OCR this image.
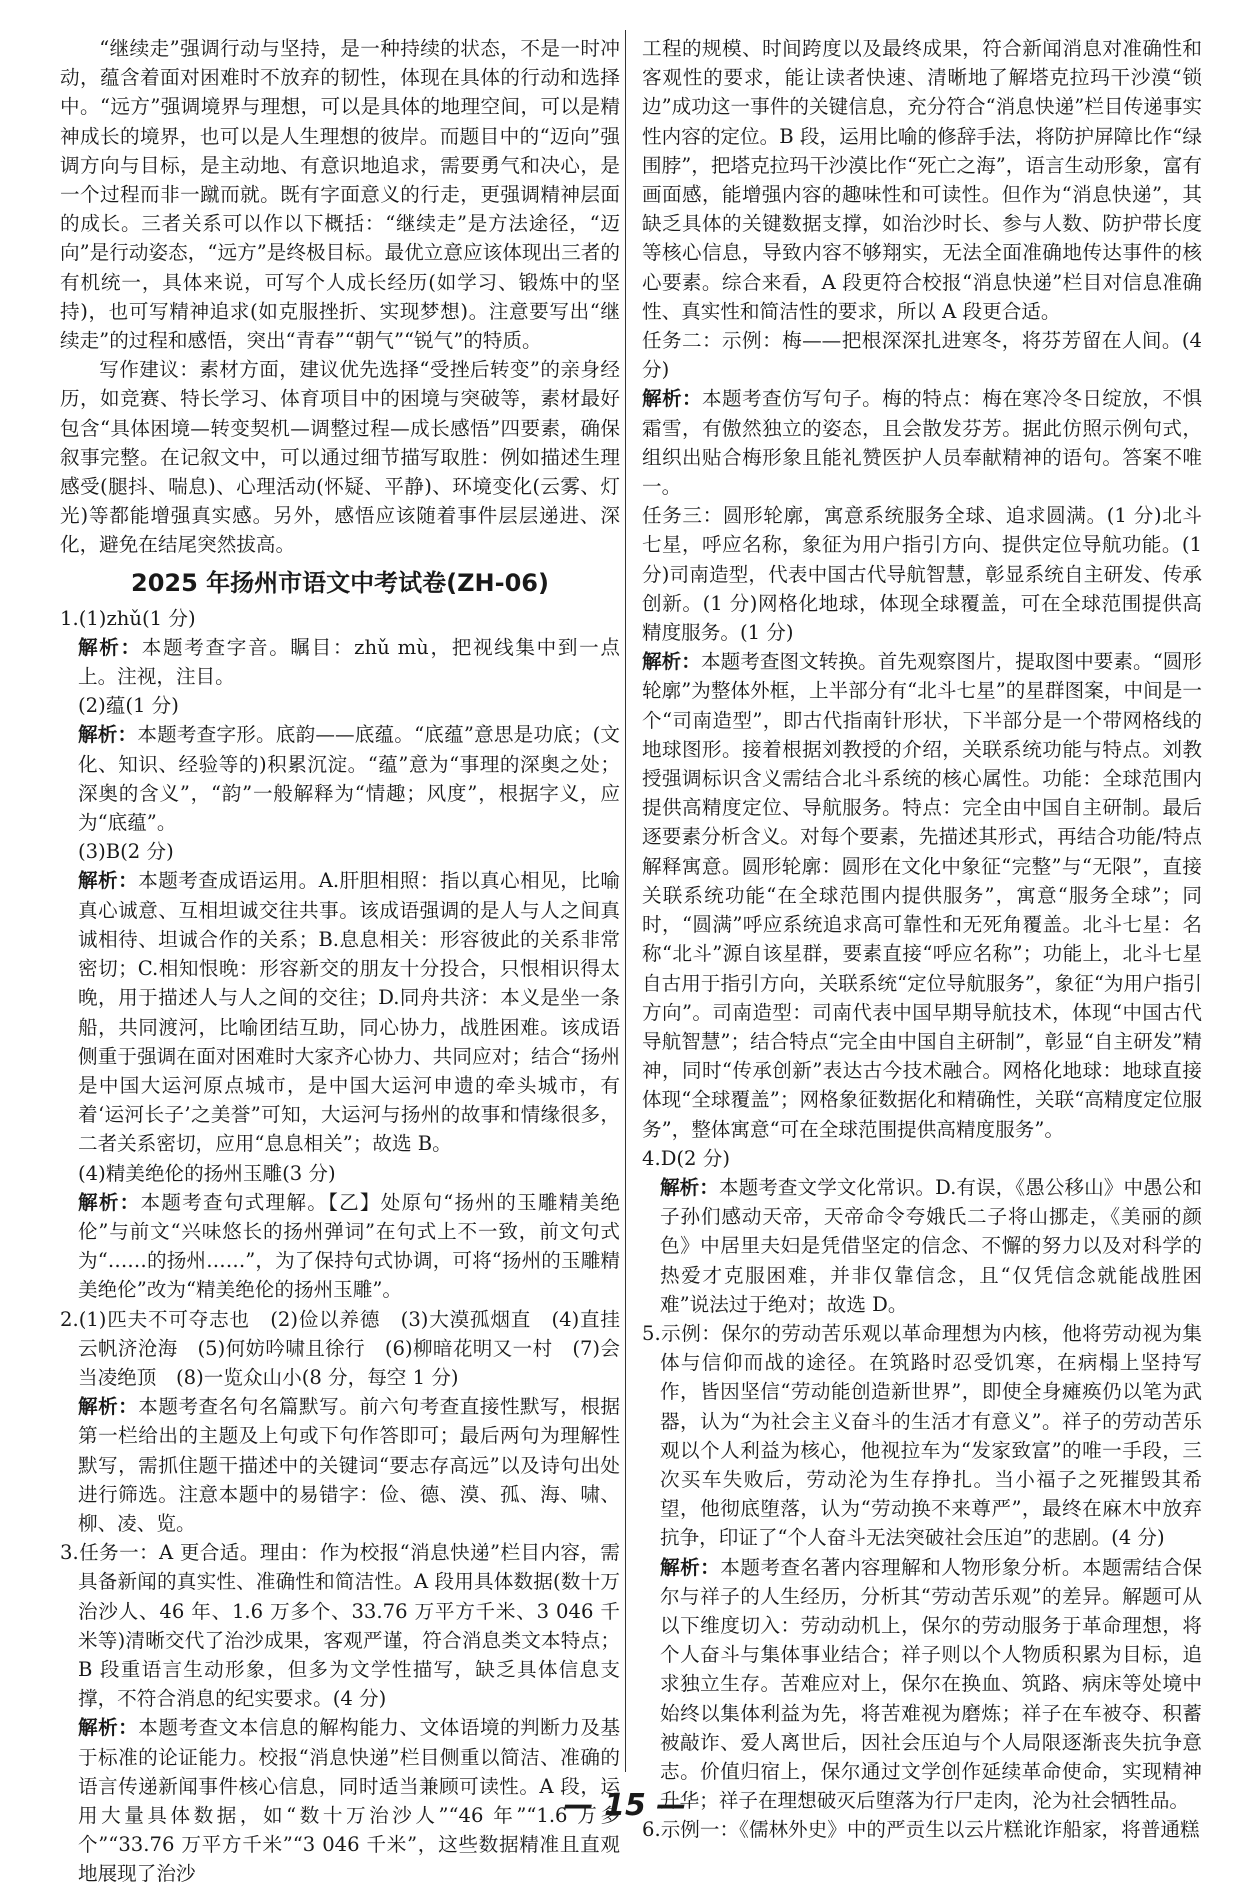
“继续走”强调行动与坚持，是一种持续的状态，不是一时冲动，蕴含着面对困难时不放弃的韧性，体现在具体的行动和选择中。“远方”强调境界与理想，可以是具体的地理空间，可以是精神成长的境界，也可以是人生理想的彼岸。而题目中的“迈向”强调方向与目标，是主动地、有意识地追求，需要勇气和决心，是一个过程而非一蹴而就。既有字面意义的行走，更强调精神层面的成长。三者关系可以作以下概括：“继续走”是方法途径，“迈向”是行动姿态，“远方”是终极目标。最优立意应该体现出三者的有机统一，具体来说，可写个人成长经历(如学习、锻炼中的坚持)，也可写精神追求(如克服挫折、实现梦想)。注意要写出“继续走”的过程和感悟，突出“青春”“朝气”“锐气”的特质。

写作建议：素材方面，建议优先选择“受挫后转变”的亲身经历，如竞赛、特长学习、体育项目中的困境与突破等，素材最好包含“具体困境—转变契机—调整过程—成长感悟”四要素，确保叙事完整。在记叙文中，可以通过细节描写取胜：例如描述生理感受(腿抖、喘息)、心理活动(怀疑、平静)、环境变化(云雾、灯光)等都能增强真实感。另外，感悟应该随着事件层层递进、深化，避免在结尾突然拔高。

2025 年扬州市语文中考试卷(ZH-06)

1.(1)zhǔ(1 分)

解析：本题考查字音。瞩目：zhǔ mù，把视线集中到一点上。注视，注目。

(2)蕴(1 分)

解析：本题考查字形。底韵——底蕴。“底蕴”意思是功底；(文化、知识、经验等的)积累沉淀。“蕴”意为“事理的深奥之处；深奥的含义”，“韵”一般解释为“情趣；风度”，根据字义，应为“底蕴”。

(3)B(2 分)

解析：本题考查成语运用。A.肝胆相照：指以真心相见，比喻真心诚意、互相坦诚交往共事。该成语强调的是人与人之间真诚相待、坦诚合作的关系；B.息息相关：形容彼此的关系非常密切；C.相知恨晚：形容新交的朋友十分投合，只恨相识得太晚，用于描述人与人之间的交往；D.同舟共济：本义是坐一条船，共同渡河，比喻团结互助，同心协力，战胜困难。该成语侧重于强调在面对困难时大家齐心协力、共同应对；结合“扬州是中国大运河原点城市，是中国大运河申遗的牵头城市，有着‘运河长子’之美誉”可知，大运河与扬州的故事和情缘很多，二者关系密切，应用“息息相关”；故选 B。

(4)精美绝伦的扬州玉雕(3 分)

解析：本题考查句式理解。【乙】处原句“扬州的玉雕精美绝伦”与前文“兴味悠长的扬州弹词”在句式上不一致，前文句式为“……的扬州……”，为了保持句式协调，可将“扬州的玉雕精美绝伦”改为“精美绝伦的扬州玉雕”。

2.(1)匹夫不可夺志也　(2)俭以养德　(3)大漠孤烟直　(4)直挂云帆济沧海　(5)何妨吟啸且徐行　(6)柳暗花明又一村　(7)会当凌绝顶　(8)一览众山小(8 分，每空 1 分)

解析：本题考查名句名篇默写。前六句考查直接性默写，根据第一栏给出的主题及上句或下句作答即可；最后两句为理解性默写，需抓住题干描述中的关键词“要志存高远”以及诗句出处进行筛选。注意本题中的易错字：俭、德、漠、孤、海、啸、柳、凌、览。

3.任务一：A 更合适。理由：作为校报“消息快递”栏目内容，需具备新闻的真实性、准确性和简洁性。A 段用具体数据(数十万治沙人、46 年、1.6 万多个、33.76 万平方千米、3 046 千米等)清晰交代了治沙成果，客观严谨，符合消息类文本特点；B 段重语言生动形象，但多为文学性描写，缺乏具体信息支撑，不符合消息的纪实要求。(4 分)

解析：本题考查文本信息的解构能力、文体语境的判断力及基于标准的论证能力。校报“消息快递”栏目侧重以简洁、准确的语言传递新闻事件核心信息，同时适当兼顾可读性。A 段，运用大量具体数据，如“数十万治沙人”“46 年”“1.6 万多个”“33.76 万平方千米”“3 046 千米”，这些数据精准且直观地展现了治沙

工程的规模、时间跨度以及最终成果，符合新闻消息对准确性和客观性的要求，能让读者快速、清晰地了解塔克拉玛干沙漠“锁边”成功这一事件的关键信息，充分符合“消息快递”栏目传递事实性内容的定位。B 段，运用比喻的修辞手法，将防护屏障比作“绿围脖”，把塔克拉玛干沙漠比作“死亡之海”，语言生动形象，富有画面感，能增强内容的趣味性和可读性。但作为“消息快递”，其缺乏具体的关键数据支撑，如治沙时长、参与人数、防护带长度等核心信息，导致内容不够翔实，无法全面准确地传达事件的核心要素。综合来看，A 段更符合校报“消息快递”栏目对信息准确性、真实性和简洁性的要求，所以 A 段更合适。

任务二：示例：梅——把根深深扎进寒冬，将芬芳留在人间。(4 分)

解析：本题考查仿写句子。梅的特点：梅在寒冷冬日绽放，不惧霜雪，有傲然独立的姿态，且会散发芬芳。据此仿照示例句式，组织出贴合梅形象且能礼赞医护人员奉献精神的语句。答案不唯一。

任务三：圆形轮廓，寓意系统服务全球、追求圆满。(1 分)北斗七星，呼应名称，象征为用户指引方向、提供定位导航功能。(1 分)司南造型，代表中国古代导航智慧，彰显系统自主研发、传承创新。(1 分)网格化地球，体现全球覆盖，可在全球范围提供高精度服务。(1 分)

解析：本题考查图文转换。首先观察图片，提取图中要素。“圆形轮廓”为整体外框，上半部分有“北斗七星”的星群图案，中间是一个“司南造型”，即古代指南针形状，下半部分是一个带网格线的地球图形。接着根据刘教授的介绍，关联系统功能与特点。刘教授强调标识含义需结合北斗系统的核心属性。功能：全球范围内提供高精度定位、导航服务。特点：完全由中国自主研制。最后逐要素分析含义。对每个要素，先描述其形式，再结合功能/特点解释寓意。圆形轮廓：圆形在文化中象征“完整”与“无限”，直接关联系统功能“在全球范围内提供服务”，寓意“服务全球”；同时，“圆满”呼应系统追求高可靠性和无死角覆盖。北斗七星：名称“北斗”源自该星群，要素直接“呼应名称”；功能上，北斗七星自古用于指引方向，关联系统“定位导航服务”，象征“为用户指引方向”。司南造型：司南代表中国早期导航技术，体现“中国古代导航智慧”；结合特点“完全由中国自主研制”，彰显“自主研发”精神，同时“传承创新”表达古今技术融合。网格化地球：地球直接体现“全球覆盖”；网格象征数据化和精确性，关联“高精度定位服务”，整体寓意“可在全球范围提供高精度服务”。

4.D(2 分)

解析：本题考查文学文化常识。D.有误，《愚公移山》中愚公和子孙们感动天帝，天帝命令夸娥氏二子将山挪走，《美丽的颜色》中居里夫妇是凭借坚定的信念、不懈的努力以及对科学的热爱才克服困难，并非仅靠信念，且“仅凭信念就能战胜困难”说法过于绝对；故选 D。

5.示例：保尔的劳动苦乐观以革命理想为内核，他将劳动视为集体与信仰而战的途径。在筑路时忍受饥寒，在病榻上坚持写作，皆因坚信“劳动能创造新世界”，即使全身瘫痪仍以笔为武器，认为“为社会主义奋斗的生活才有意义”。祥子的劳动苦乐观以个人利益为核心，他视拉车为“发家致富”的唯一手段，三次买车失败后，劳动沦为生存挣扎。当小福子之死摧毁其希望，他彻底堕落，认为“劳动换不来尊严”，最终在麻木中放弃抗争，印证了“个人奋斗无法突破社会压迫”的悲剧。(4 分)

解析：本题考查名著内容理解和人物形象分析。本题需结合保尔与祥子的人生经历，分析其“劳动苦乐观”的差异。解题可从以下维度切入：劳动动机上，保尔的劳动服务于革命理想，将个人奋斗与集体事业结合；祥子则以个人物质积累为目标，追求独立生存。苦难应对上，保尔在换血、筑路、病床等处境中始终以集体利益为先，将苦难视为磨炼；祥子在车被夺、积蓄被敲诈、爱人离世后，因社会压迫与个人局限逐渐丧失抗争意志。价值归宿上，保尔通过文学创作延续革命使命，实现精神升华；祥子在理想破灭后堕落为行尸走肉，沦为社会牺牲品。

6.示例一：《儒林外史》中的严贡生以云片糕讹诈船家，将普通糕

— 15 —
